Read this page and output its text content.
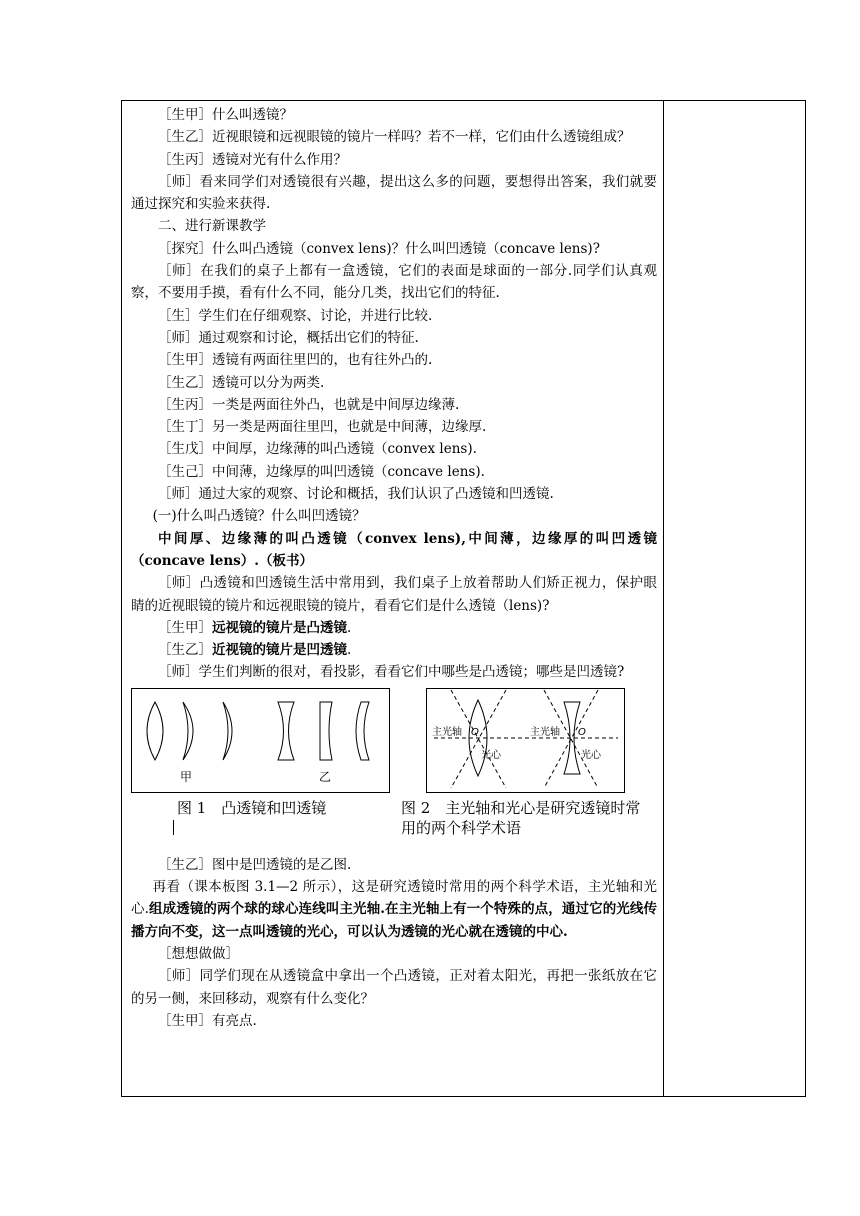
［生甲］什么叫透镜？

［生乙］近视眼镜和远视眼镜的镜片一样吗？若不一样，它们由什么透镜组成？

［生丙］透镜对光有什么作用？

［师］看来同学们对透镜很有兴趣，提出这么多的问题，要想得出答案，我们就要通过探究和实验来获得.

二、进行新课教学

［探究］什么叫凸透镜（convex lens)？什么叫凹透镜（concave lens)?

［师］在我们的桌子上都有一盒透镜，它们的表面是球面的一部分.同学们认真观察，不要用手摸，看有什么不同，能分几类，找出它们的特征.

［生］学生们在仔细观察、讨论，并进行比较.

［师］通过观察和讨论，概括出它们的特征.

［生甲］透镜有两面往里凹的，也有往外凸的.

［生乙］透镜可以分为两类.

［生丙］一类是两面往外凸，也就是中间厚边缘薄.

［生丁］另一类是两面往里凹，也就是中间薄，边缘厚.

［生戊］中间厚，边缘薄的叫凸透镜（convex lens).

［生己］中间薄，边缘厚的叫凹透镜（concave lens).

［师］通过大家的观察、讨论和概括，我们认识了凸透镜和凹透镜.

(一)什么叫凸透镜？什么叫凹透镜？

中间厚、边缘薄的叫凸透镜（convex lens),中间薄，边缘厚的叫凹透镜（concave lens）.（板书）

［师］凸透镜和凹透镜生活中常用到，我们桌子上放着帮助人们矫正视力，保护眼睛的近视眼镜的镜片和远视眼镜的镜片，看看它们是什么透镜（lens)?

［生甲］远视镜的镜片是凸透镜.

［生乙］近视镜的镜片是凹透镜.

［师］学生们判断的很对，看投影，看看它们中哪些是凸透镜；哪些是凹透镜?

甲	乙
主光轴 O
光心
主光轴 O
光心
图 1　凸透镜和凹透镜	图 2　主光轴和光心是研究透镜时常用的两个科学术语

［生乙］图中是凹透镜的是乙图.

再看（课本板图 3.1—2 所示），这是研究透镜时常用的两个科学术语，主光轴和光心.组成透镜的两个球的球心连线叫主光轴.在主光轴上有一个特殊的点，通过它的光线传播方向不变，这一点叫透镜的光心，可以认为透镜的光心就在透镜的中心.

［想想做做］

［师］同学们现在从透镜盒中拿出一个凸透镜，正对着太阳光，再把一张纸放在它的另一侧，来回移动，观察有什么变化？

［生甲］有亮点.
